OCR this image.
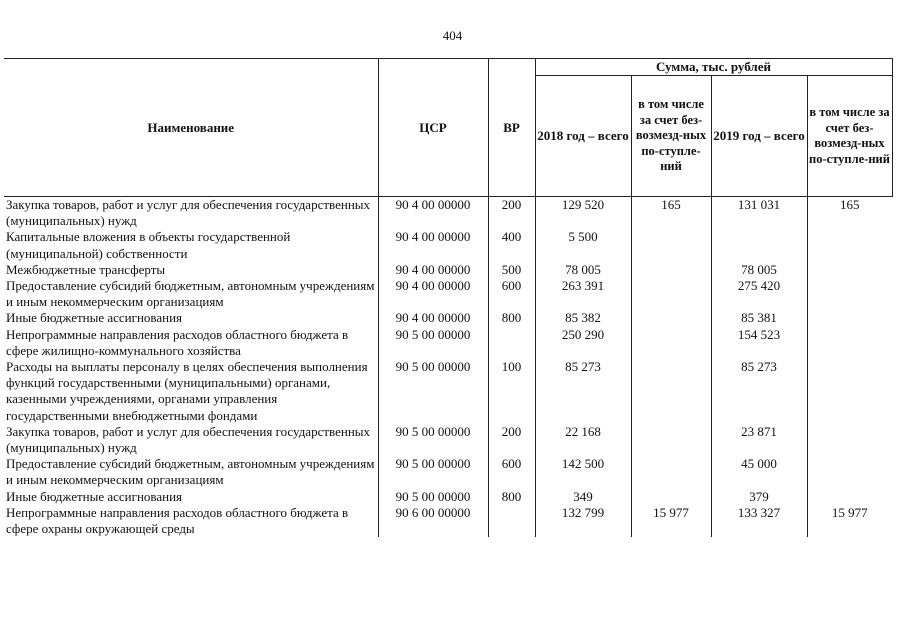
404
Наименование	ЦСР	ВР	Сумма, тыс. рублей			
			2018 год – всего	в том числе за счет без-возмезд-ных по-ступле-ний	2019 год – всего	в том числе за счет без-возмезд-ных по-ступле-ний
Закупка товаров, работ и услуг для обеспечения государственных (муниципальных) нужд	90 4 00 00000	200	129 520	165	131 031	165
Капитальные вложения в объекты государственной (муниципальной) собственности	90 4 00 00000	400	5 500			
Межбюджетные трансферты	90 4 00 00000	500	78 005		78 005	
Предоставление субсидий бюджетным, автономным учреждениям и иным некоммерческим организациям	90 4 00 00000	600	263 391		275 420	
Иные бюджетные ассигнования	90 4 00 00000	800	85 382		85 381	
Непрограммные направления расходов областного бюджета в сфере жилищно-коммунального хозяйства	90 5 00 00000		250 290		154 523	
Расходы на выплаты персоналу в целях обеспечения выполнения функций государственными (муниципальными) органами, казенными учреждениями, органами управления государственными внебюджетными фондами	90 5 00 00000	100	85 273		85 273	
Закупка товаров, работ и услуг для обеспечения государственных (муниципальных) нужд	90 5 00 00000	200	22 168		23 871	
Предоставление субсидий бюджетным, автономным учреждениям и иным некоммерческим организациям	90 5 00 00000	600	142 500		45 000	
Иные бюджетные ассигнования	90 5 00 00000	800	349		379	
Непрограммные направления расходов областного бюджета в сфере охраны окружающей среды	90 6 00 00000		132 799	15 977	133 327	15 977
